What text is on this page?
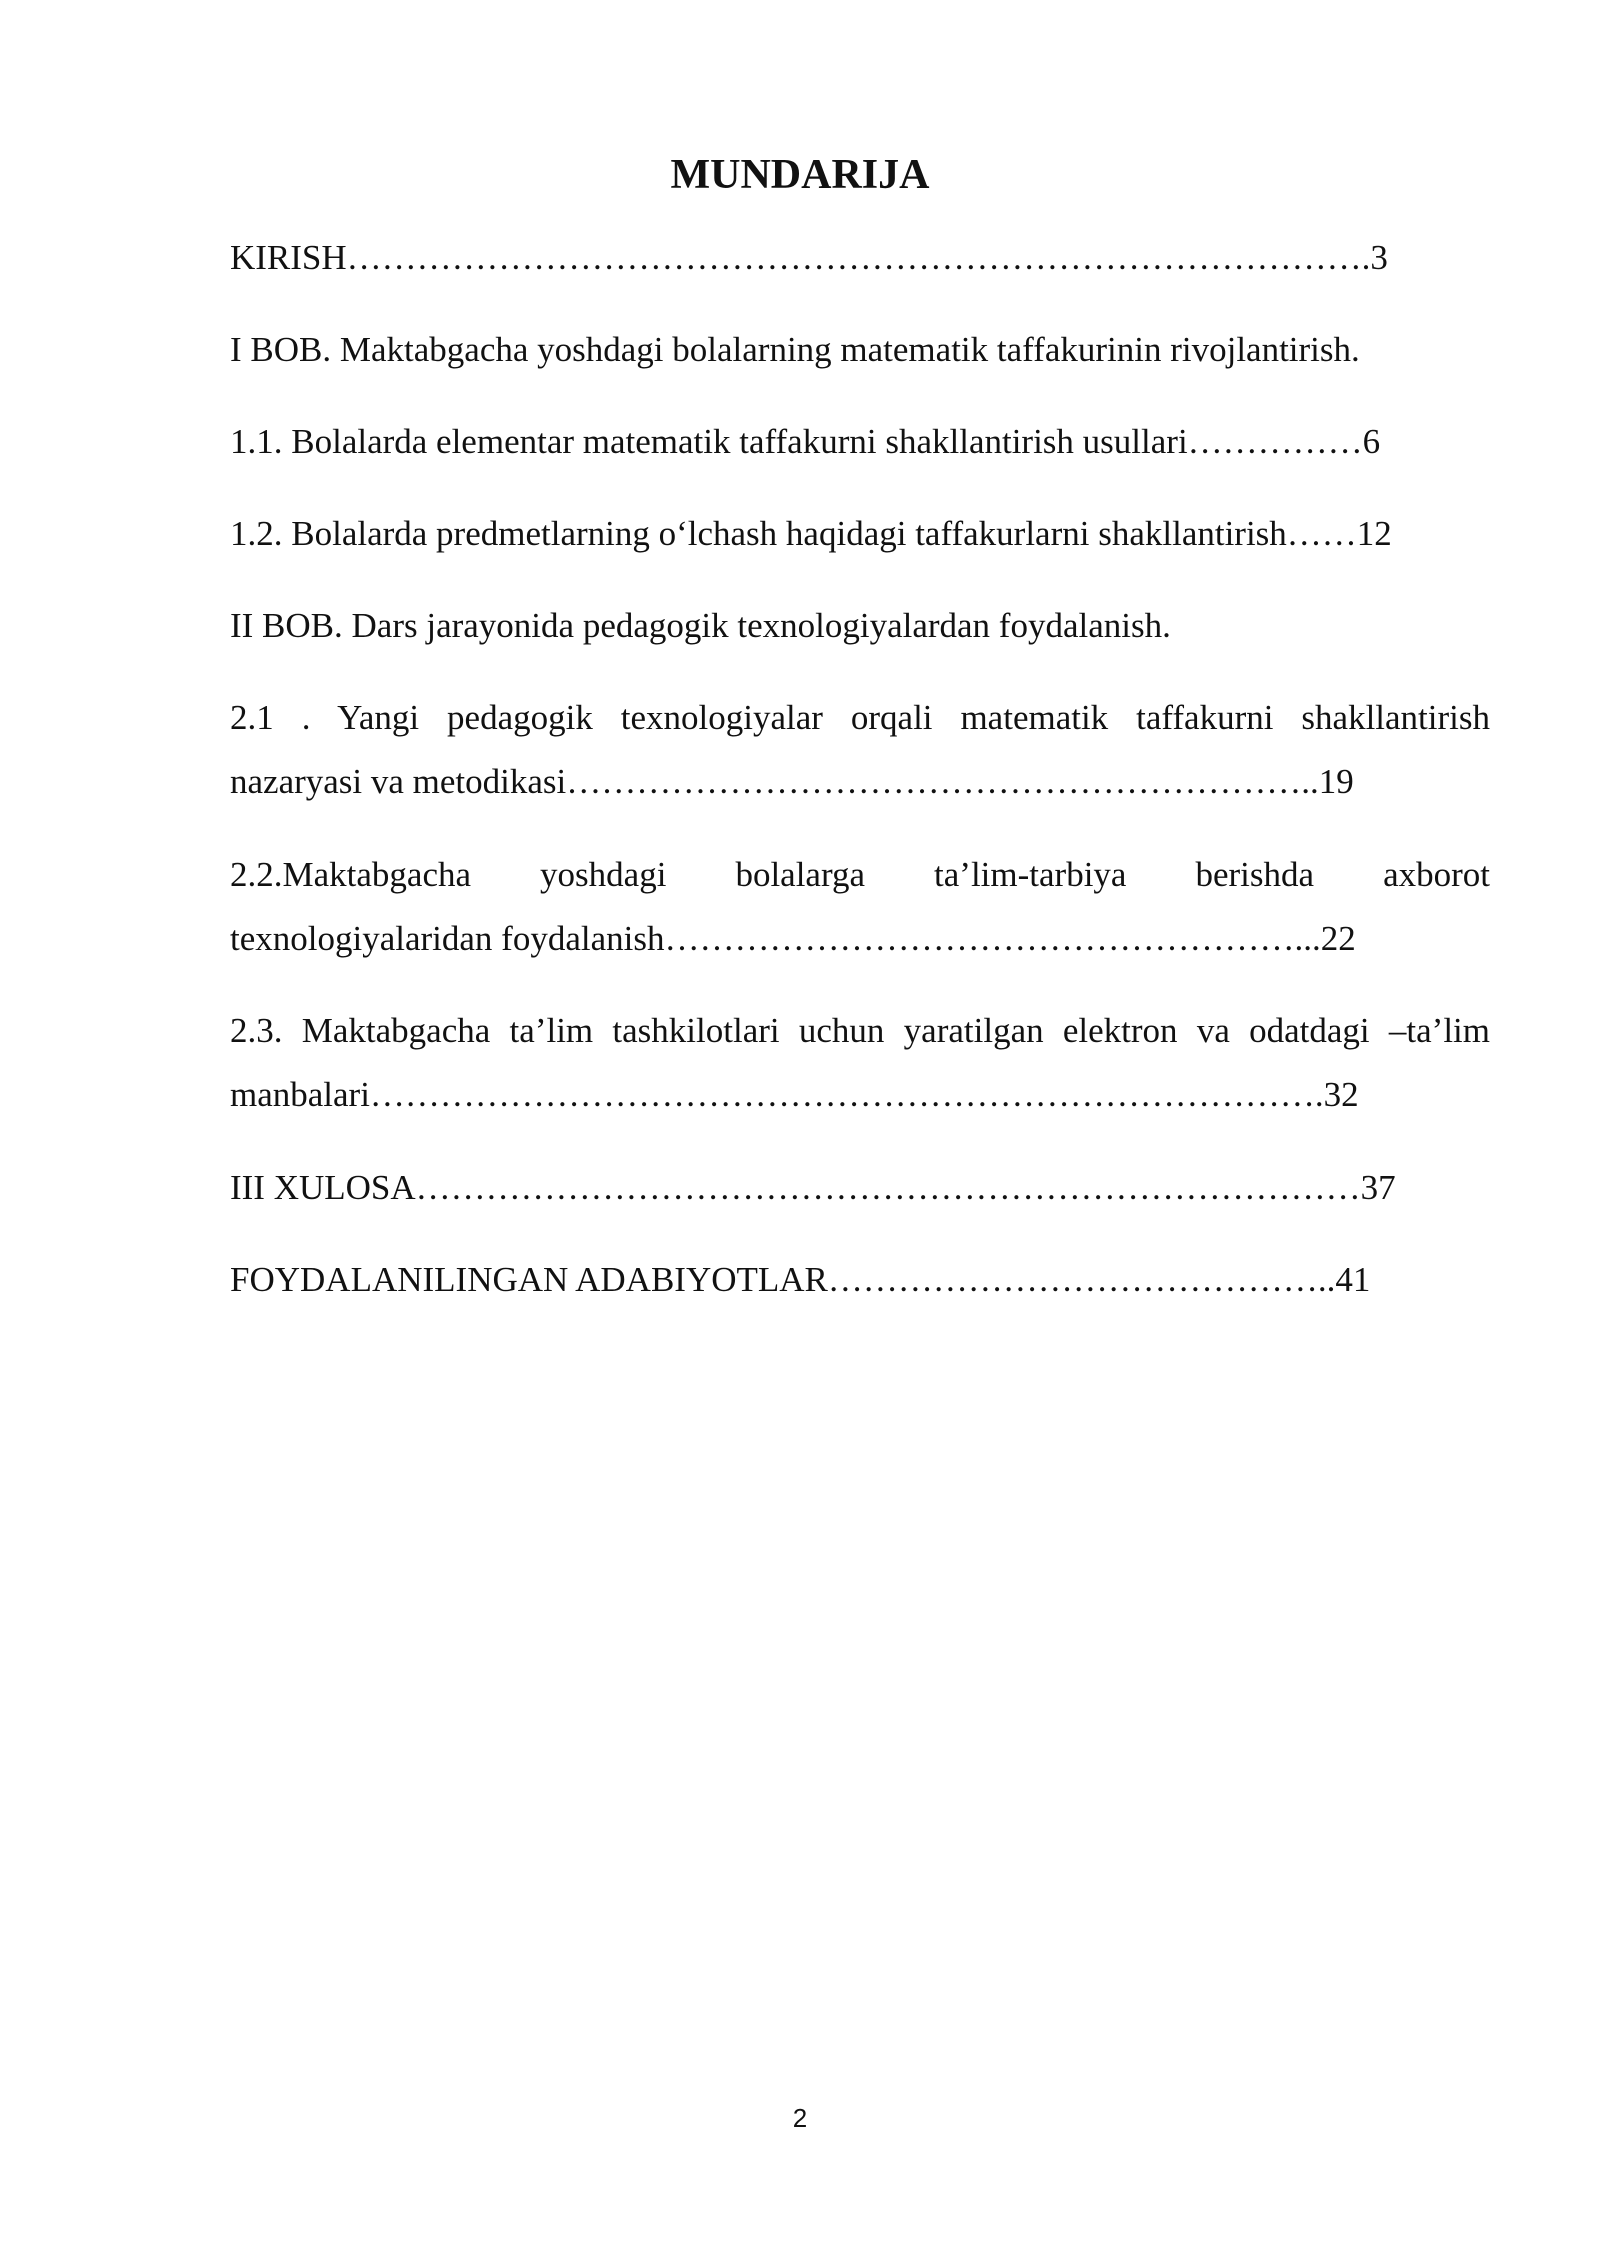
MUNDARIJA
KIRISH…………………………………………………………………………….3
I BOB. Maktabgacha yoshdagi bolalarning matematik taffakurinin rivojlantirish.
1.1. Bolalarda elementar matematik taffakurni shakllantirish usullari……………6
1.2. Bolalarda predmetlarning o‘lchash haqidagi taffakurlarni shakllantirish……12
II BOB. Dars jarayonida pedagogik texnologiyalardan foydalanish.
2.1 . Yangi pedagogik texnologiyalar orqali matematik taffakurni shakllantirish
nazaryasi va metodikasi………………………………………………………..19
2.2.Maktabgacha yoshdagi bolalarga ta’lim-tarbiya berishda axborot
texnologiyalaridan foydalanish………………………………………………...22
2.3. Maktabgacha ta’lim tashkilotlari uchun yaratilgan elektron va odatdagi –ta’lim
manbalari……………………………………………………………………….32
III XULOSA………………………………………………………………………37
FOYDALANILINGAN ADABIYOTLAR……………………………………..41
2
